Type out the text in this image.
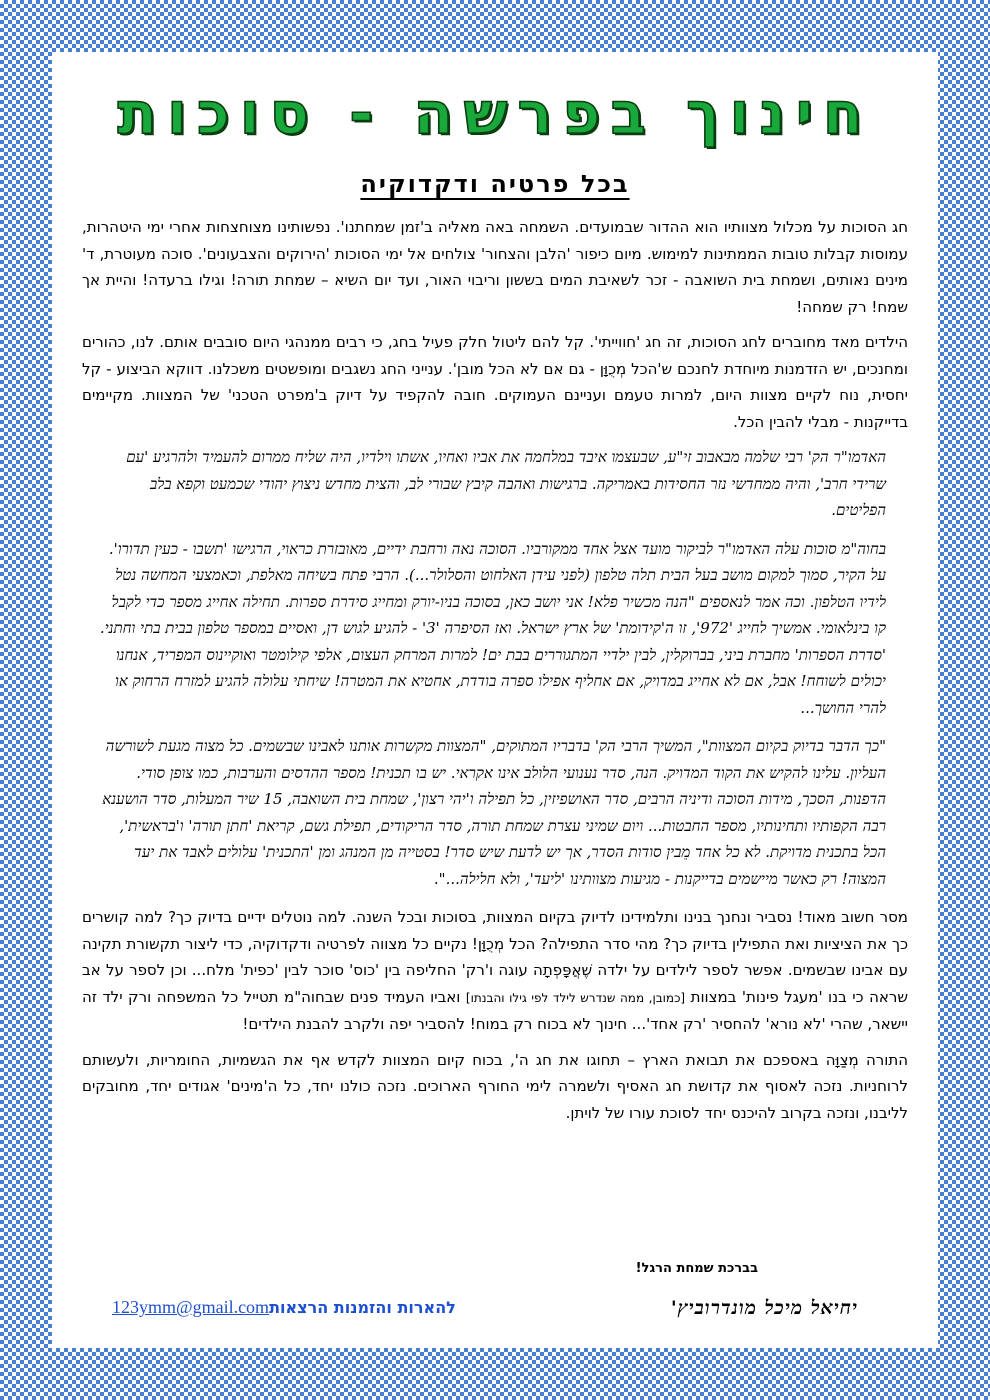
חינוך בפרשה - סוכות
בכל פרטיה ודקדוקיה

חג הסוכות על מכלול מצוותיו הוא ההדור שבמועדים. השמחה באה מאליה ב'זמן שמחתנו'. נפשותינו מצוחצחות אחרי ימי היטהרות, עמוסות קבלות טובות הממתינות למימוש. מיום כיפור 'הלבן והצחור' צולחים אל ימי הסוכות 'הירוקים והצבעונים'. סוכה מעוטרת, ד' מינים נאותים, ושמחת בית השואבה - זכר לשאיבת המים בששון וריבוי האור, ועד יום השיא – שמחת תורה! וגילו ברעדה! והיית אך שמח! רק שמחה!

הילדים מאד מחוברים לחג הסוכות, זה חג 'חווייתי'. קל להם ליטול חלק פעיל בחג, כי רבים ממנהגי היום סובבים אותם. לנו, כהורים ומחנכים, יש הזדמנות מיוחדת לחנכם ש'הכל מְכֻוָּן - גם אם לא הכל מובן'. ענייני החג נשגבים ומופשטים משכלנו. דווקא הביצוע - קל יחסית, נוח לקיים מצוות היום, למרות טעמם ועניינם העמוקים. חובה להקפיד על דיוק ב'מפרט הטכני' של המצוות. מקיימים בדייקנות - מבלי להבין הכל.

האדמו"ר הק' רבי שלמה מבאבוב זי"ע, שבעצמו איבד במלחמה את אביו ואחיו, אשתו וילדיו, היה שליח ממרום להעמיד ולהרגיע 'עם שרידי חרב', והיה ממחדשי נזר החסידות באמריקה. ברגישות ואהבה קיבץ שבורי לב, והצית מחדש ניצוץ יהודי שכמעט וקפא בלב הפליטים.
בחוה"מ סוכות עלה האדמו"ר לביקור מועד אצל אחד ממקורביו. הסוכה נאה ורחבת ידיים, מאובזרת כראוי, הרגישו 'תשבו - כעין תדורו'. על הקיר, סמוך למקום מושב בעל הבית תלה טלפון (לפני עידן האלחוט והסלולר...). הרבי פתח בשיחה מאלפת, וכאמצעי המחשה נטל לידיו הטלפון. וכה אמר לנאספים "הנה מכשיר פלא! אני יושב כאן, בסוכה בניו-יורק ומחייג סידרת ספרות. תחילה אחייג מספר כדי לקבל קו בינלאומי. אמשיך לחייג '972', זו ה'קידומת' של ארץ ישראל. ואז הסיפרה '3' - להגיע לגוש דן, ואסיים במספר טלפון בבית בתי וחתני. 'סדרת הספרות' מחברת ביני, בברוקלין, לבין ילדיי המתגוררים בבת ים! למרות המרחק העצום, אלפי קילומטר ואוקיינוס המפריד, אנחנו יכולים לשוחח! אבל, אם לא אחייג במדויק, אם אחליף אפילו ספרה בודדת, אחטיא את המטרה! שיחתי עלולה להגיע למזרח הרחוק או להרי החושך...
"כך הדבר בדיוק בקיום המצוות", המשיך הרבי הק' בדבריו המתוקים, "המצוות מקשרות אותנו לאבינו שבשמים. כל מצוה מגעת לשורשה העליון. עלינו להקיש את הקוד המדויק. הנה, סדר נענועי הלולב אינו אקראי. יש בו תכנית! מספר ההדסים והערבות, כמו צופן סודי. הדפנות, הסכך, מידות הסוכה ודיניה הרבים, סדר האושפיזין, כל תפילה ו'יהי רצון', שמחת בית השואבה, 15 שיר המעלות, סדר הושענא רבה הקפותיו ותחינותיו, מספר החבטות... ויום שמיני עצרת שמחת תורה, סדר הריקודים, תפילת גשם, קריאת 'חתן תורה' ו'בראשית', הכל בתכנית מדויקת. לא כל אחד מֵבין סודות הסדר, אך יש לדעת שיש סדר! בסטייה מן המנהג ומן 'התכנית' עלולים לאבד את יעד המצוה! רק כאשר מיישמים בדייקנות - מגיעות מצוותינו 'ליעד', ולא חלילה...".

מסר חשוב מאוד! נסביר ונחנך בנינו ותלמידינו לדיוק בקיום המצוות, בסוכות ובכל השנה. למה נוטלים ידיים בדיוק כך? למה קושרים כך את הציציות ואת התפילין בדיוק כך? מהי סדר התפילה? הכל מְכֻוָּן! נקיים כל מצווה לפרטיה ודקדוקיה, כדי ליצור תקשורת תקינה עם אבינו שבשמים. אפשר לספר לילדים על ילדה שֶׁאֲפָּפְתָה עוגה ו'רק' החליפה בין 'כוס' סוכר לבין 'כפית' מלח... וכן לספר על אב שראה כי בנו 'מעגל פינות' במצוות [כמובן, ממה שנדרש לילד לפי גילו והבנתו] ואביו העמיד פנים שבחוה"מ תטייל כל המשפחה ורק ילד זה יישאר, שהרי 'לא נורא' להחסיר 'רק אחד'... חינוך לא בכוח רק במוח! להסביר יפה ולקרב להבנת הילדים!

התורה מְצַוָּה באספכם את תבואת הארץ – תחוגו את חג ה', בכוח קיום המצוות לקדש אף את הגשמיות, החומריות, ולעשותם לרוחניות. נזכה לאסוף את קדושת חג האסיף ולשמרה לימי החורף הארוכים. נזכה כולנו יחד, כל ה'מינים' אגודים יחד, מחובקים לליבנו, ונזכה בקרוב להיכנס יחד לסוכת עורו של לויתן.

בברכת שמחת הרגל!
יחיאל מיכל מונדרוביץ'
123ymm@gmail.comלהארות והזמנות הרצאות
